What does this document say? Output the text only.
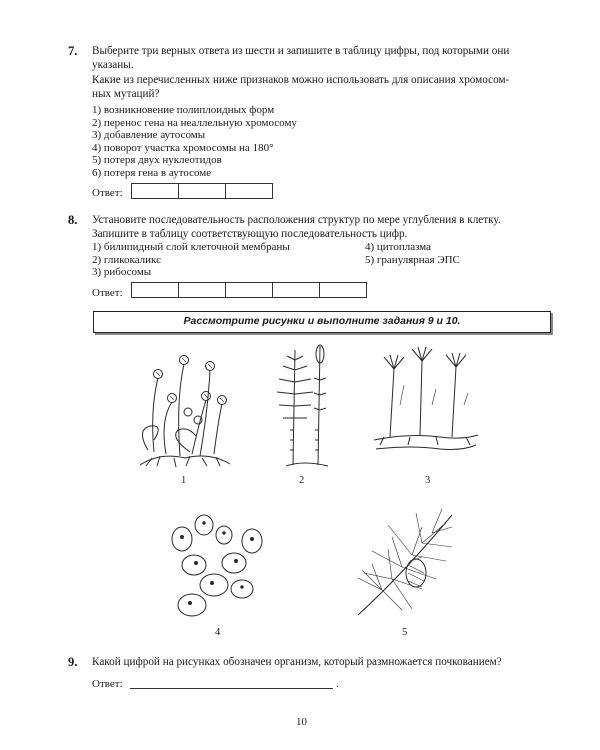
7. Выберите три верных ответа из шести и запишите в таблицу цифры, под которыми они
указаны.
Какие из перечисленных ниже признаков можно использовать для описания хромосом-
ных мутаций?
1) возникновение полиплоидных форм
2) перенос гена на неаллельную хромосому
3) добавление аутосомы
4) поворот участка хромосомы на 180°
5) потеря двух нуклеотидов
6) потеря гена в аутосоме
Ответ:
8. Установите последовательность расположения структур по мере углубления в клетку.
Запишите в таблицу соответствующую последовательность цифр.
1) билипидный слой клеточной мембраны
2) гликокаликс
3) рибосомы
4) цитоплазма
5) гранулярная ЭПС
Ответ:
Рассмотрите рисунки и выполните задания 9 и 10.
1	2	3
4	5
9. Какой цифрой на рисунках обозначен организм, который размножается почкованием?
Ответ:	.
10
